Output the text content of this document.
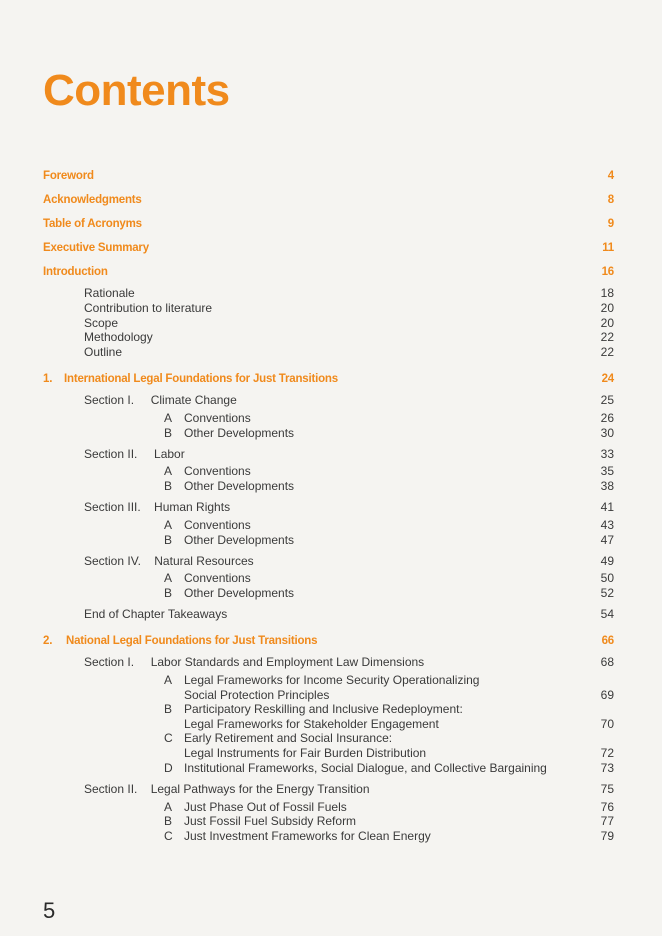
Contents
Foreword	4
Acknowledgments	8
Table of Acronyms	9
Executive Summary	11
Introduction	16
Rationale	18
Contribution to literature	20
Scope	20
Methodology	22
Outline	22
1. International Legal Foundations for Just Transitions	24
Section I.     Climate Change	25
A Conventions	26
B Other Developments	30
Section II.     Labor	33
A Conventions	35
B Other Developments	38
Section III.    Human Rights	41
A Conventions	43
B Other Developments	47
Section IV.    Natural Resources	49
A Conventions	50
B Other Developments	52
End of Chapter Takeaways	54
2. National Legal Foundations for Just Transitions	66
Section I.     Labor Standards and Employment Law Dimensions	68
A Legal Frameworks for Income Security Operationalizing
Social Protection Principles	69
B Participatory Reskilling and Inclusive Redeployment:
Legal Frameworks for Stakeholder Engagement	70
C Early Retirement and Social Insurance:
Legal Instruments for Fair Burden Distribution	72
D Institutional Frameworks, Social Dialogue, and Collective Bargaining	73
Section II.    Legal Pathways for the Energy Transition	75
A Just Phase Out of Fossil Fuels	76
B Just Fossil Fuel Subsidy Reform	77
C Just Investment Frameworks for Clean Energy	79
5
